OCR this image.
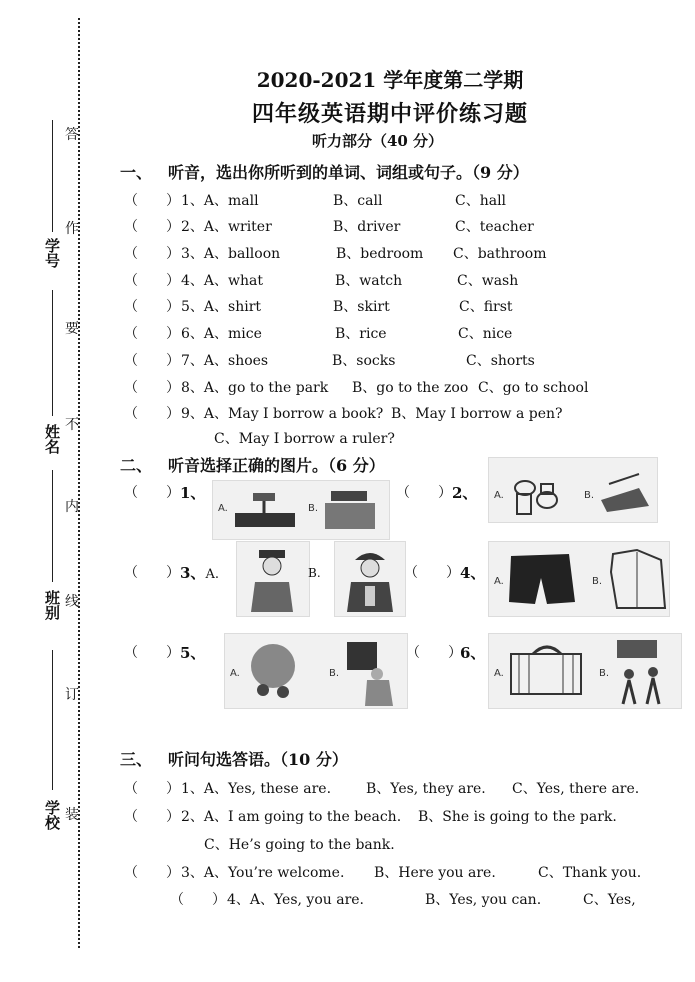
答
作
要
不
内
线
订
装
学号
姓名
班别
学校
2020-2021 学年度第二学期
四年级英语期中评价练习题
听力部分（40 分）
一、 听音，选出你所听到的单词、词组或句子。（9 分）
（　　） 1、A、mall	B、call	C、hall
（　　） 2、A、writer	B、driver	C、teacher
（　　） 3、A、balloon	B、bedroom C、bathroom
（　　） 4、A、what	B、watch	C、wash
（　　） 5、A、shirt	B、skirt	C、first
（　　） 6、A、mice	B、rice	C、nice
（　　） 7、A、shoes	B、socks	C、shorts
（　　） 8、A、go to the park B、go to the zoo C、go to school
（　　） 9、A、May I borrow a book? B、May I borrow a pen?
C、May I borrow a ruler?
二、 听音选择正确的图片。（6 分）
（　　） 1、
A.	B.
（　　） 2、 A.	B.
（　　） 3、A.	B.	（　　） 4、 A.	B.
（　　） 5、
A.	B.
（　　）
6、
A.	B.
三、 听问句选答语。（10 分）
（　　） 1、A、Yes, these are. B、Yes, they are. C、Yes, there are.
（　　） 2、A、I am going to the beach. B、She is going to the park.
（　　） 3、A、You’re welcome. B、Here you are.	C、Thank you.
（　　） 4、A、Yes, you are.	B、Yes, you can.	C、Yes,
C、He’s going to the bank.
